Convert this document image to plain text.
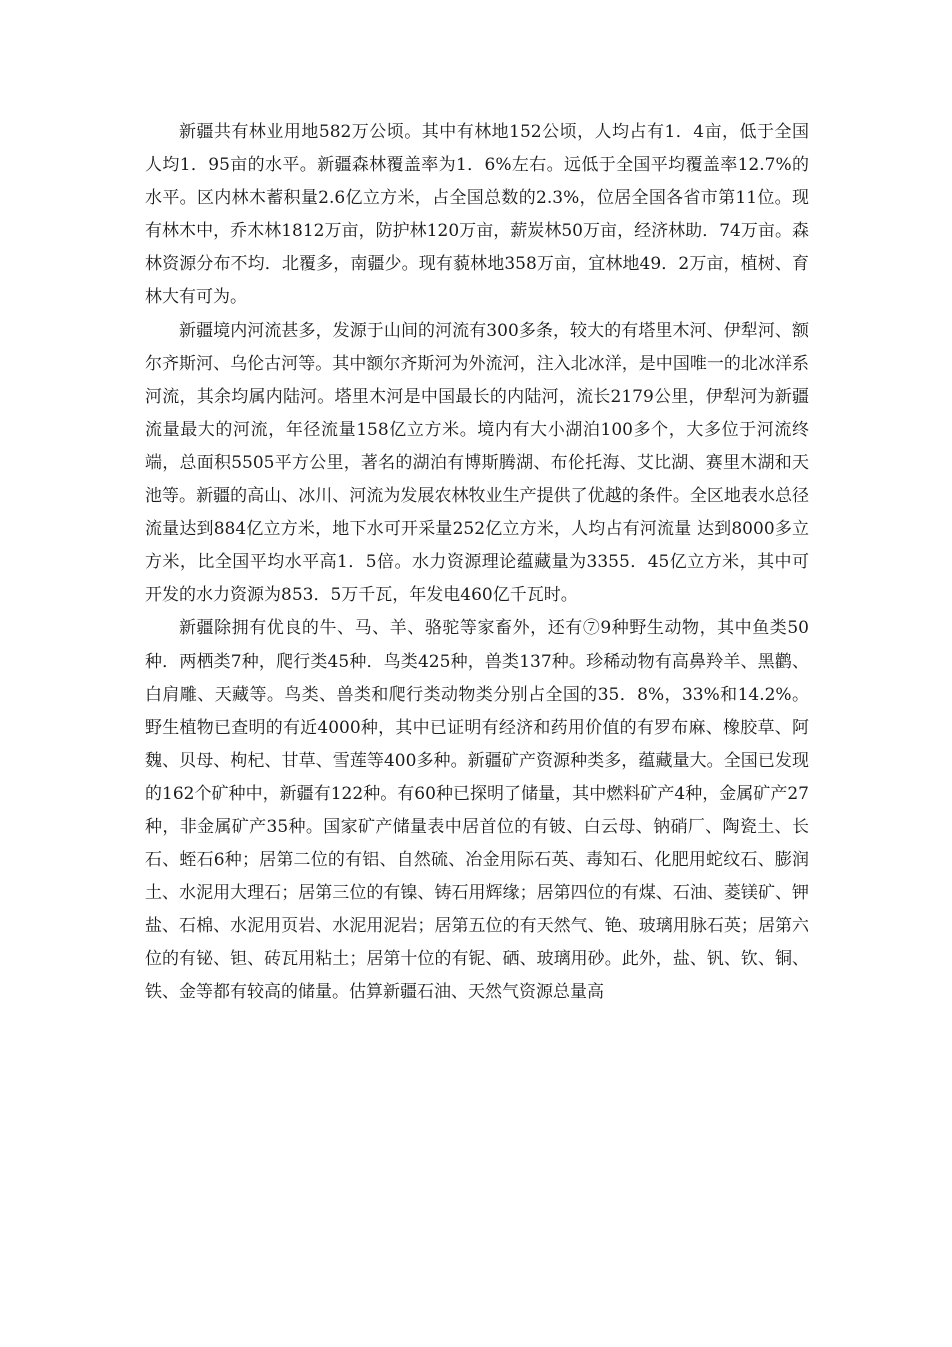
新疆共有林业用地582万公顷。其中有林地152公顷，人均占有1．4亩，低于全国人均1．95亩的水平。新疆森林覆盖率为1．6%左右。远低于全国平均覆盖率12.7%的水平。区内林木蓄积量2.6亿立方米，占全国总数的2.3%，位居全国各省市第11位。现有林木中，乔木林1812万亩，防护林120万亩，薪炭林50万亩，经济林助．74万亩。森林资源分布不均．北覆多，南疆少。现有藐林地358万亩，宜林地49．2万亩，植树、育林大有可为。

新疆境内河流甚多，发源于山间的河流有300多条，较大的有塔里木河、伊犁河、额尔齐斯河、乌伦古河等。其中额尔齐斯河为外流河，注入北冰洋，是中国唯一的北冰洋系河流，其余均属内陆河。塔里木河是中国最长的内陆河，流长2179公里，伊犁河为新疆流量最大的河流，年径流量158亿立方米。境内有大小湖泊100多个，大多位于河流终端，总面积5505平方公里，著名的湖泊有博斯腾湖、布伦托海、艾比湖、赛里木湖和天池等。新疆的高山、冰川、河流为发展农林牧业生产提供了优越的条件。全区地表水总径流量达到884亿立方米，地下水可开采量252亿立方米，人均占有河流量 达到8000多立方米，比全国平均水平高1．5倍。水力资源理论蕴藏量为3355．45亿立方米，其中可开发的水力资源为853．5万千瓦，年发电460亿千瓦时。

新疆除拥有优良的牛、马、羊、骆驼等家畜外，还有⑦9种野生动物，其中鱼类50种．两栖类7种，爬行类45种．鸟类425种，兽类137种。珍稀动物有高鼻羚羊、黑鹳、白肩雕、天藏等。鸟类、兽类和爬行类动物类分别占全国的35．8%，33%和14.2%。野生植物已查明的有近4000种，其中已证明有经济和药用价值的有罗布麻、橡胶草、阿魏、贝母、枸杞、甘草、雪莲等400多种。新疆矿产资源种类多，蕴藏量大。全国已发现的162个矿种中，新疆有122种。有60种已探明了储量，其中燃料矿产4种，金属矿产27种，非金属矿产35种。国家矿产储量表中居首位的有铍、白云母、钠硝厂、陶瓷土、长石、蛭石6种；居第二位的有铝、自然硫、冶金用际石英、毒知石、化肥用蛇纹石、膨润土、水泥用大理石；居第三位的有镍、铸石用辉缘；居第四位的有煤、石油、菱镁矿、钾盐、石棉、水泥用页岩、水泥用泥岩；居第五位的有天然气、铯、玻璃用脉石英；居第六位的有铋、钽、砖瓦用粘土；居第十位的有铌、硒、玻璃用砂。此外，盐、钒、钦、铜、铁、金等都有较高的储量。估算新疆石油、天然气资源总量高
